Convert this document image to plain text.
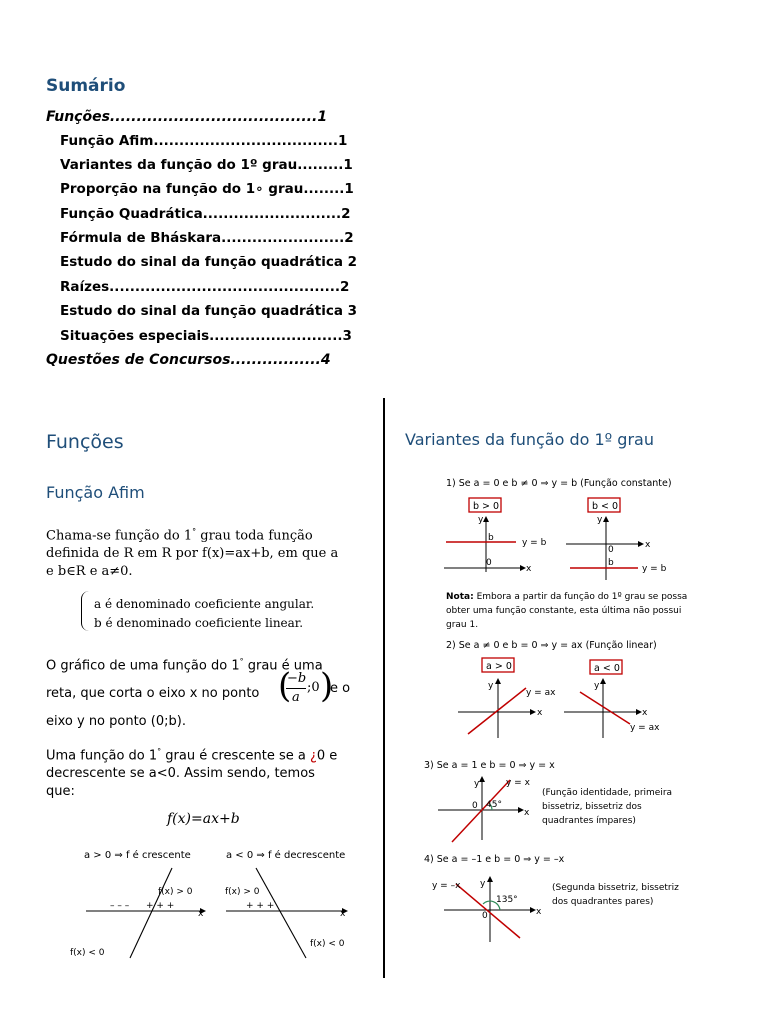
Sumário
Funções.......................................1
Função Afim....................................1
Variantes da função do 1º grau.........1
Proporção na função do 1∘ grau........1
Função Quadrática...........................2
Fórmula de Bháskara........................2
Estudo do sinal da função quadrática 2
Raízes.............................................2
Estudo do sinal da função quadrática 3
Situações especiais..........................3
Questões de Concursos.................4
Funções
Função Afim
Chama-se função do 1° grau toda função
definida de R em R por f(x)=ax+b, em que a
e b∈R e a≠0.
a é denominado coeficiente angular.
b é denominado coeficiente linear.
O gráfico de uma função do 1° grau é uma
reta, que corta o eixo x no ponto
eixo y no ponto (0;b).
(
−b
a
;0 )
e o
Uma função do 1° grau é crescente se a ¿0 e
decrescente se a<0. Assim sendo, temos
que:
f(x)=ax+b
a > 0 ⇒ f é crescente	a < 0 ⇒ f é decrescente
x
f(x) > 0
f(x) < 0
– – – + + +
x
f(x) > 0
f(x) < 0
+ + +
Variantes da função do 1º grau
1) Se a = 0 e b ≠ 0 ⇒ y = b (Função constante)
b > 0	b < 0
y
x
b
0
y = b
y
x
0
b
y = b
Nota: Embora a partir da função do 1º grau se possa
obter uma função constante, esta última não possui
grau 1.
2) Se a ≠ 0 e b = 0 ⇒ y = ax (Função linear)
a > 0	a < 0
y
x
y = ax
y
x
y = ax
3) Se a = 1 e b = 0 ⇒ y = x
y
x
y = x
0 45°
(Função identidade, primeira
bissetriz, bissetriz dos
quadrantes ímpares)
4) Se a = –1 e b = 0 ⇒ y = –x
y
x
y = –x
135°
0
(Segunda bissetriz, bissetriz
dos quadrantes pares)
